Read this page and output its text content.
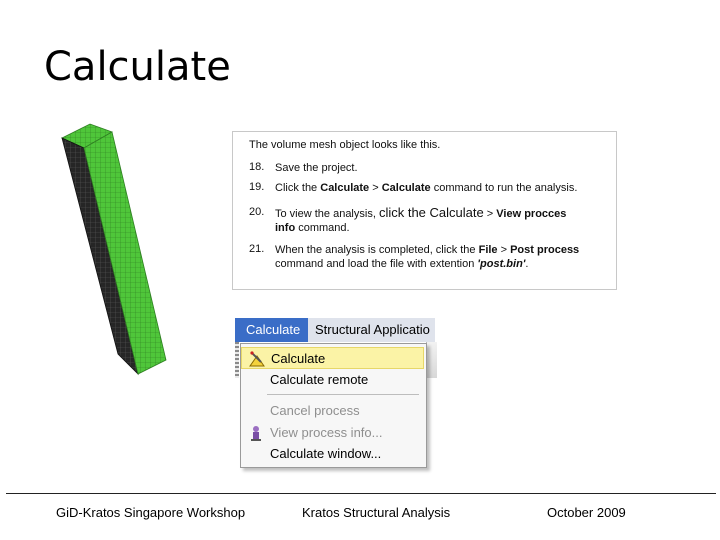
Calculate
The volume mesh object looks like this.
18. Save the project.
19. Click the Calculate > Calculate command to run the analysis.
20. To view the analysis, click the Calculate > View procces
info command.
21. When the analysis is completed, click the File > Post process
command and load the file with extention 'post.bin'.
Calculate	Structural Applicatio
Calculate
Calculate remote
Cancel process
View process info...
Calculate window...
GiD-Kratos Singapore Workshop	Kratos Structural Analysis	October 2009
